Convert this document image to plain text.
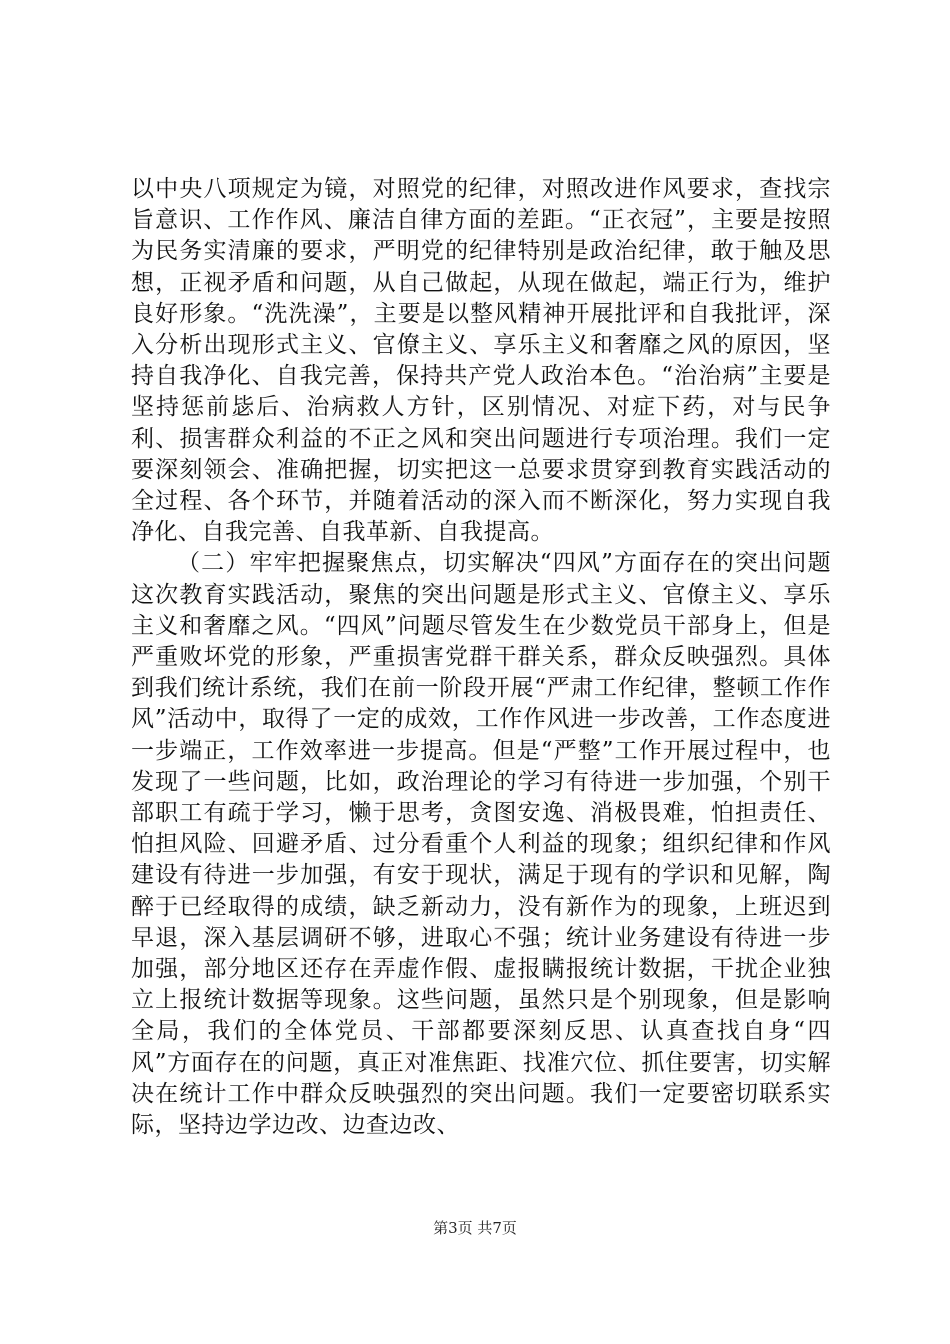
以中央八项规定为镜，对照党的纪律，对照改进作风要求，查找宗旨意识、工作作风、廉洁自律方面的差距。“正衣冠”，主要是按照为民务实清廉的要求，严明党的纪律特别是政治纪律，敢于触及思想，正视矛盾和问题，从自己做起，从现在做起，端正行为，维护良好形象。“洗洗澡”，主要是以整风精神开展批评和自我批评，深入分析出现形式主义、官僚主义、享乐主义和奢靡之风的原因，坚持自我净化、自我完善，保持共产党人政治本色。“治治病”主要是坚持惩前毖后、治病救人方针，区别情况、对症下药，对与民争利、损害群众利益的不正之风和突出问题进行专项治理。我们一定要深刻领会、准确把握，切实把这一总要求贯穿到教育实践活动的全过程、各个环节，并随着活动的深入而不断深化，努力实现自我净化、自我完善、自我革新、自我提高。

（二）牢牢把握聚焦点，切实解决“四风”方面存在的突出问题这次教育实践活动，聚焦的突出问题是形式主义、官僚主义、享乐主义和奢靡之风。“四风”问题尽管发生在少数党员干部身上，但是严重败坏党的形象，严重损害党群干群关系，群众反映强烈。具体到我们统计系统，我们在前一阶段开展“严肃工作纪律，整顿工作作风”活动中，取得了一定的成效，工作作风进一步改善，工作态度进一步端正，工作效率进一步提高。但是“严整”工作开展过程中，也发现了一些问题，比如，政治理论的学习有待进一步加强，个别干部职工有疏于学习，懒于思考，贪图安逸、消极畏难，怕担责任、怕担风险、回避矛盾、过分看重个人利益的现象；组织纪律和作风建设有待进一步加强，有安于现状，满足于现有的学识和见解，陶醉于已经取得的成绩，缺乏新动力，没有新作为的现象，上班迟到早退，深入基层调研不够，进取心不强；统计业务建设有待进一步加强，部分地区还存在弄虚作假、虚报瞒报统计数据，干扰企业独立上报统计数据等现象。这些问题，虽然只是个别现象，但是影响全局，我们的全体党员、干部都要深刻反思、认真查找自身“四风”方面存在的问题，真正对准焦距、找准穴位、抓住要害，切实解决在统计工作中群众反映强烈的突出问题。我们一定要密切联系实际，坚持边学边改、边查边改、

第3页 共7页
